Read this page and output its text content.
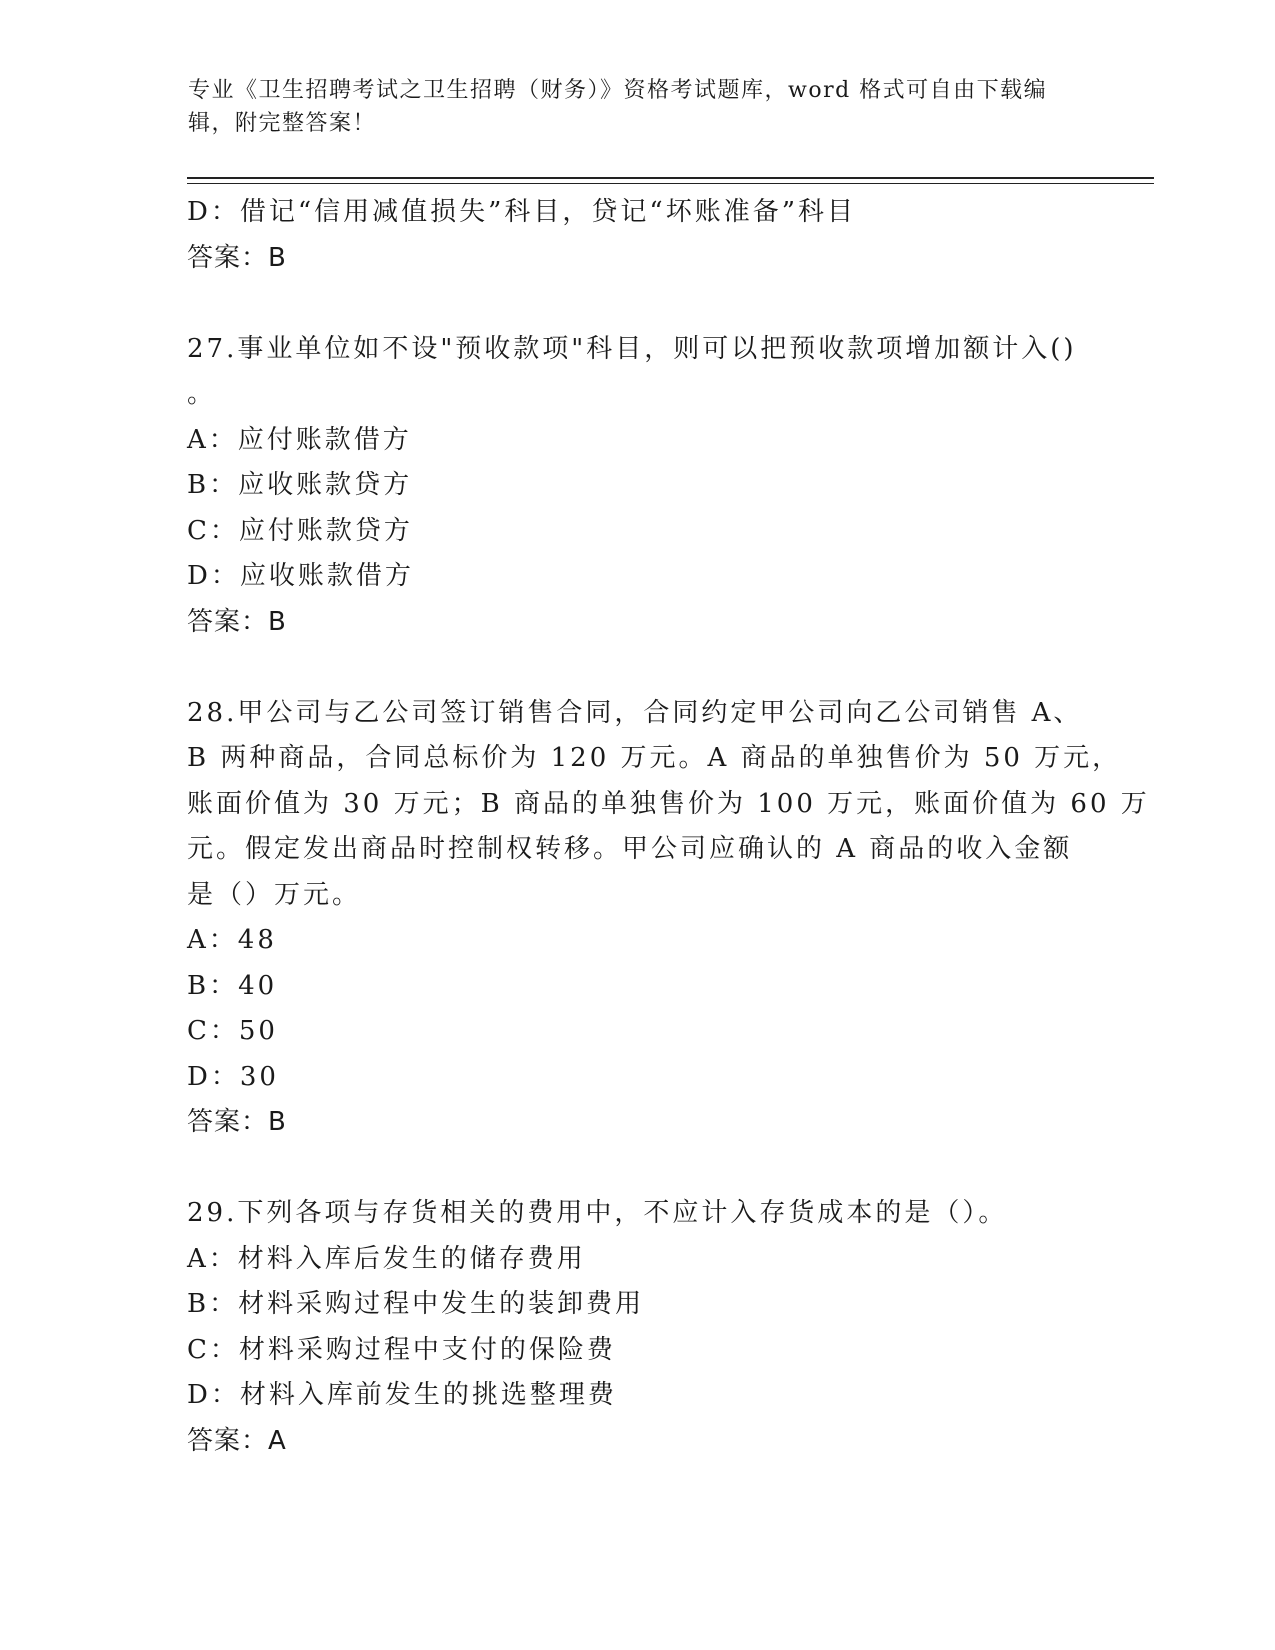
专业《卫生招聘考试之卫生招聘（财务）》资格考试题库，word 格式可自由下载编辑，附完整答案！

D：借记“信用减值损失”科目，贷记“坏账准备”科目

答案：B

27.事业单位如不设"预收款项"科目，则可以把预收款项增加额计入()

。

A：应付账款借方

B：应收账款贷方

C：应付账款贷方

D：应收账款借方

答案：B

28.甲公司与乙公司签订销售合同，合同约定甲公司向乙公司销售 A、

B 两种商品，合同总标价为 120 万元。A 商品的单独售价为 50 万元，

账面价值为 30 万元；B 商品的单独售价为 100 万元，账面价值为 60 万

元。假定发出商品时控制权转移。甲公司应确认的 A 商品的收入金额

是（）万元。

A：48

B：40

C：50

D：30

答案：B

29.下列各项与存货相关的费用中，不应计入存货成本的是（）。

A：材料入库后发生的储存费用

B：材料采购过程中发生的装卸费用

C：材料采购过程中支付的保险费

D：材料入库前发生的挑选整理费

答案：A
